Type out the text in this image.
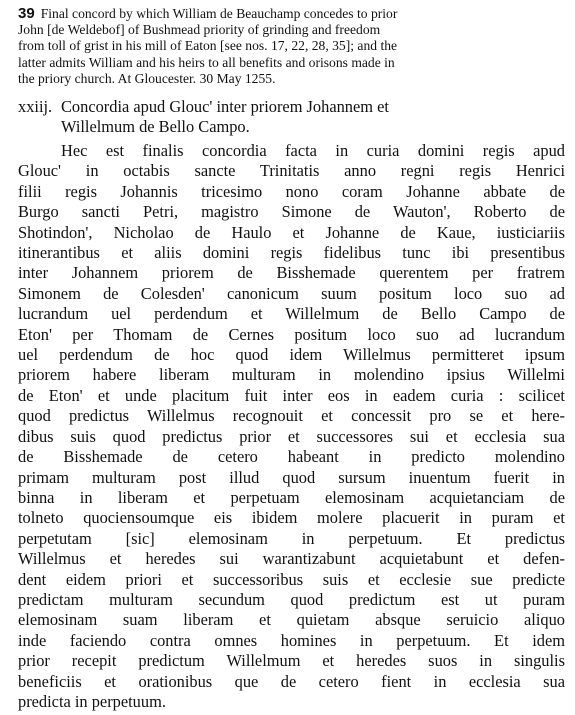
39 Final concord by which William de Beauchamp concedes to prior
John [de Weldebof] of Bushmead priority of grinding and freedom
from toll of grist in his mill of Eaton [see nos. 17, 22, 28, 35]; and the
latter admits William and his heirs to all benefits and orisons made in
the priory church. At Gloucester. 30 May 1255.
xxiij. Concordia apud Glouc' inter priorem Johannem et
Willelmum de Bello Campo.
Hec est finalis concordia facta in curia domini regis apud
Glouc' in octabis sancte Trinitatis anno regni regis Henrici
filii regis Johannis tricesimo nono coram Johanne abbate de
Burgo sancti Petri, magistro Simone de Wauton', Roberto de
Shotindon', Nicholao de Haulo et Johanne de Kaue, iusticiariis
itinerantibus et aliis domini regis fidelibus tunc ibi presentibus
inter Johannem priorem de Bisshemade querentem per fratrem
Simonem de Colesden' canonicum suum positum loco suo ad
lucrandum uel perdendum et Willelmum de Bello Campo de
Eton' per Thomam de Cernes positum loco suo ad lucrandum
uel perdendum de hoc quod idem Willelmus permitteret ipsum
priorem habere liberam multuram in molendino ipsius Willelmi
de Eton' et unde placitum fuit inter eos in eadem curia : scilicet
quod predictus Willelmus recognouit et concessit pro se et here-
dibus suis quod predictus prior et successores sui et ecclesia sua
de Bisshemade de cetero habeant in predicto molendino
primam multuram post illud quod sursum inuentum fuerit in
binna in liberam et perpetuam elemosinam acquietanciam de
tolneto quociensoumque eis ibidem molere placuerit in puram et
perpetutam [sic] elemosinam in perpetuum. Et predictus
Willelmus et heredes sui warantizabunt acquietabunt et defen-
dent eidem priori et successoribus suis et ecclesie sue predicte
predictam multuram secundum quod predictum est ut puram
elemosinam suam liberam et quietam absque seruicio aliquo
inde faciendo contra omnes homines in perpetuum. Et idem
prior recepit predictum Willelmum et heredes suos in singulis
beneficiis et orationibus que de cetero fient in ecclesia sua
predicta in perpetuum.
